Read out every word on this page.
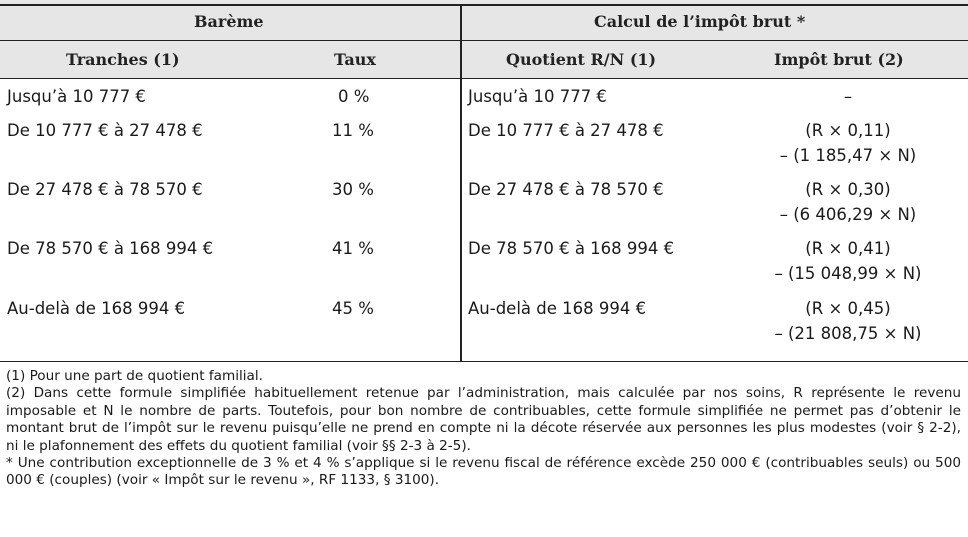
Barème	Calcul de l’impôt brut *
Tranches (1)	Taux	Quotient R/N (1)	Impôt brut (2)
Jusqu’à 10 777 €	0 %	Jusqu’à 10 777 €	–
De 10 777 € à 27 478 €	11 %	De 10 777 € à 27 478 €	(R × 0,11)
– (1 185,47 × N)
De 27 478 € à 78 570 €	30 %	De 27 478 € à 78 570 €	(R × 0,30)
– (6 406,29 × N)
De 78 570 € à 168 994 €	41 %	De 78 570 € à 168 994 €	(R × 0,41)
– (15 048,99 × N)
Au-delà de 168 994 €	45 %	Au-delà de 168 994 €	(R × 0,45)
– (21 808,75 × N)

(1) Pour une part de quotient familial.

(2) Dans cette formule simplifiée habituellement retenue par l’administration, mais calculée par nos soins, R représente le revenu imposable et N le nombre de parts. Toutefois, pour bon nombre de contribuables, cette formule simplifiée ne permet pas d’obtenir le montant brut de l’impôt sur le revenu puisqu’elle ne prend en compte ni la décote réservée aux personnes les plus modestes (voir § 2-2), ni le plafonnement des effets du quotient familial (voir §§ 2-3 à 2-5).

* Une contribution exceptionnelle de 3 % et 4 % s’applique si le revenu fiscal de référence excède 250 000 € (contribuables seuls) ou 500 000 € (couples) (voir « Impôt sur le revenu », RF 1133, § 3100).
